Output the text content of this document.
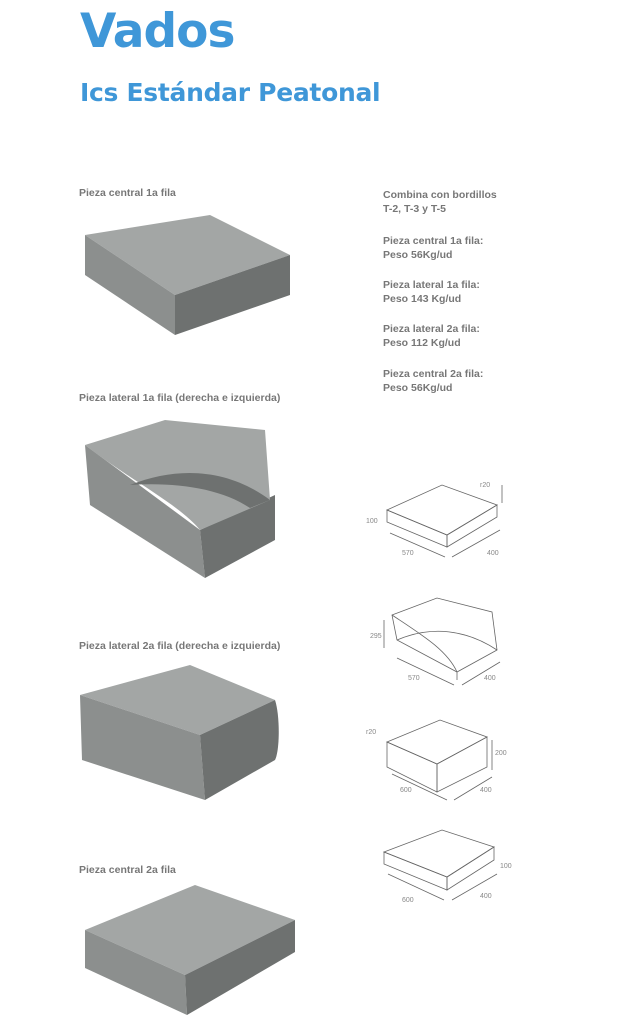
Vados
Ics Estándar Peatonal
Pieza central 1a fila
Pieza lateral 1a fila (derecha e izquierda)
Pieza lateral 2a fila (derecha e izquierda)
Pieza central 2a fila
Combina con bordillos
T-2, T-3 y T-5
Pieza central 1a fila:
Peso 56Kg/ud
Pieza lateral 1a fila:
Peso 143 Kg/ud
Pieza lateral 2a fila:
Peso 112 Kg/ud
Pieza central 2a fila:
Peso 56Kg/ud
r20
100
570	400
295
570	400
r20
200
600	400
100
600
400
